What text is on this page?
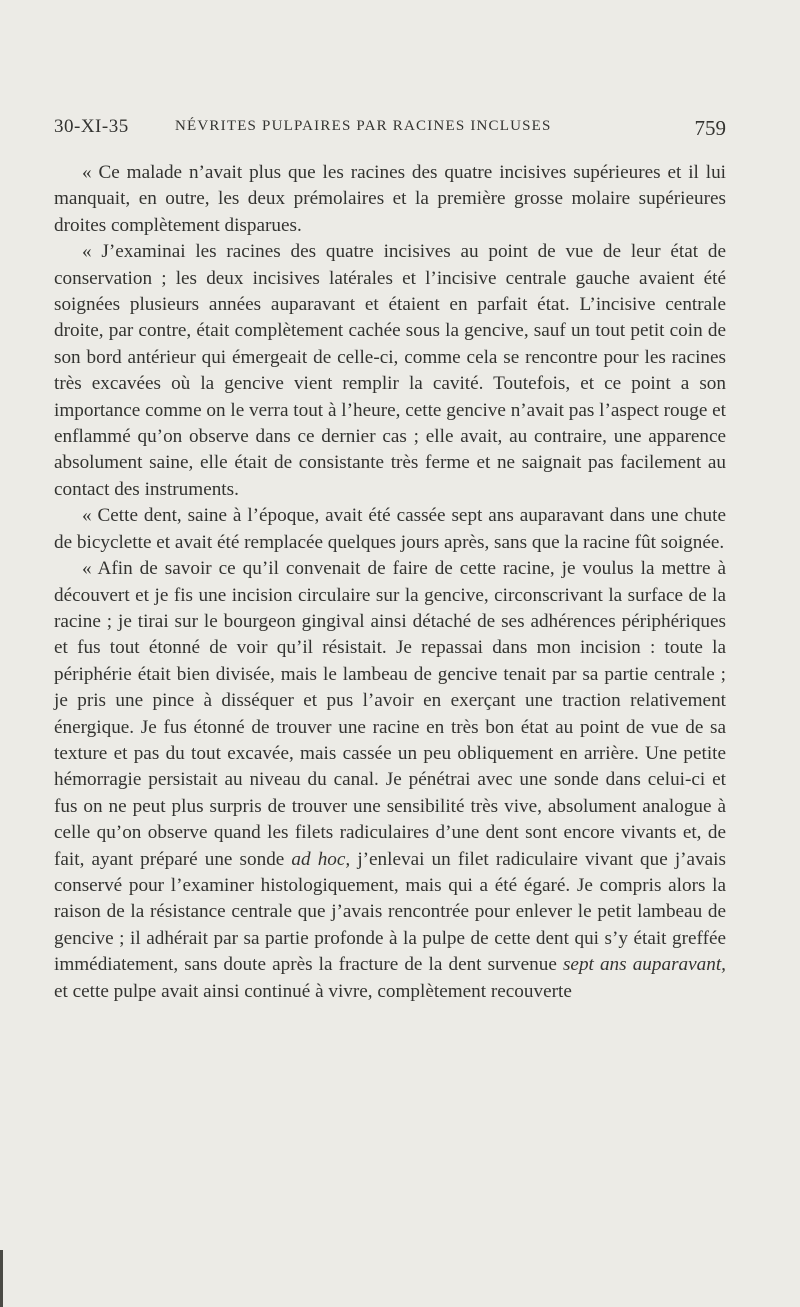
30-XI-35	NÉVRITES PULPAIRES PAR RACINES INCLUSES	759

« Ce malade n’avait plus que les racines des quatre incisives supérieures et il lui manquait, en outre, les deux prémolaires et la première grosse molaire supérieures droites complètement disparues.

« J’examinai les racines des quatre incisives au point de vue de leur état de conservation ; les deux incisives latérales et l’incisive centrale gauche avaient été soignées plusieurs années auparavant et étaient en parfait état. L’incisive centrale droite, par contre, était complètement cachée sous la gencive, sauf un tout petit coin de son bord antérieur qui émergeait de celle-ci, comme cela se rencontre pour les racines très excavées où la gencive vient remplir la cavité. Toutefois, et ce point a son importance comme on le verra tout à l’heure, cette gencive n’avait pas l’aspect rouge et enflammé qu’on observe dans ce dernier cas ; elle avait, au contraire, une apparence absolument saine, elle était de consistante très ferme et ne saignait pas facilement au contact des instruments.

« Cette dent, saine à l’époque, avait été cassée sept ans auparavant dans une chute de bicyclette et avait été remplacée quelques jours après, sans que la racine fût soignée.

« Afin de savoir ce qu’il convenait de faire de cette racine, je voulus la mettre à découvert et je fis une incision circulaire sur la gencive, circonscrivant la surface de la racine ; je tirai sur le bourgeon gingival ainsi détaché de ses adhérences périphériques et fus tout étonné de voir qu’il résistait. Je repassai dans mon incision : toute la périphérie était bien divisée, mais le lambeau de gencive tenait par sa partie centrale ; je pris une pince à disséquer et pus l’avoir en exerçant une traction relativement énergique. Je fus étonné de trouver une racine en très bon état au point de vue de sa texture et pas du tout excavée, mais cassée un peu obliquement en arrière. Une petite hémorragie persistait au niveau du canal. Je pénétrai avec une sonde dans celui-ci et fus on ne peut plus surpris de trouver une sensibilité très vive, absolument analogue à celle qu’on observe quand les filets radiculaires d’une dent sont encore vivants et, de fait, ayant préparé une sonde ad hoc, j’enlevai un filet radiculaire vivant que j’avais conservé pour l’examiner histologiquement, mais qui a été égaré. Je compris alors la raison de la résistance centrale que j’avais rencontrée pour enlever le petit lambeau de gencive ; il adhérait par sa partie profonde à la pulpe de cette dent qui s’y était greffée immédiatement, sans doute après la fracture de la dent survenue sept ans auparavant, et cette pulpe avait ainsi continué à vivre, complètement recouverte
